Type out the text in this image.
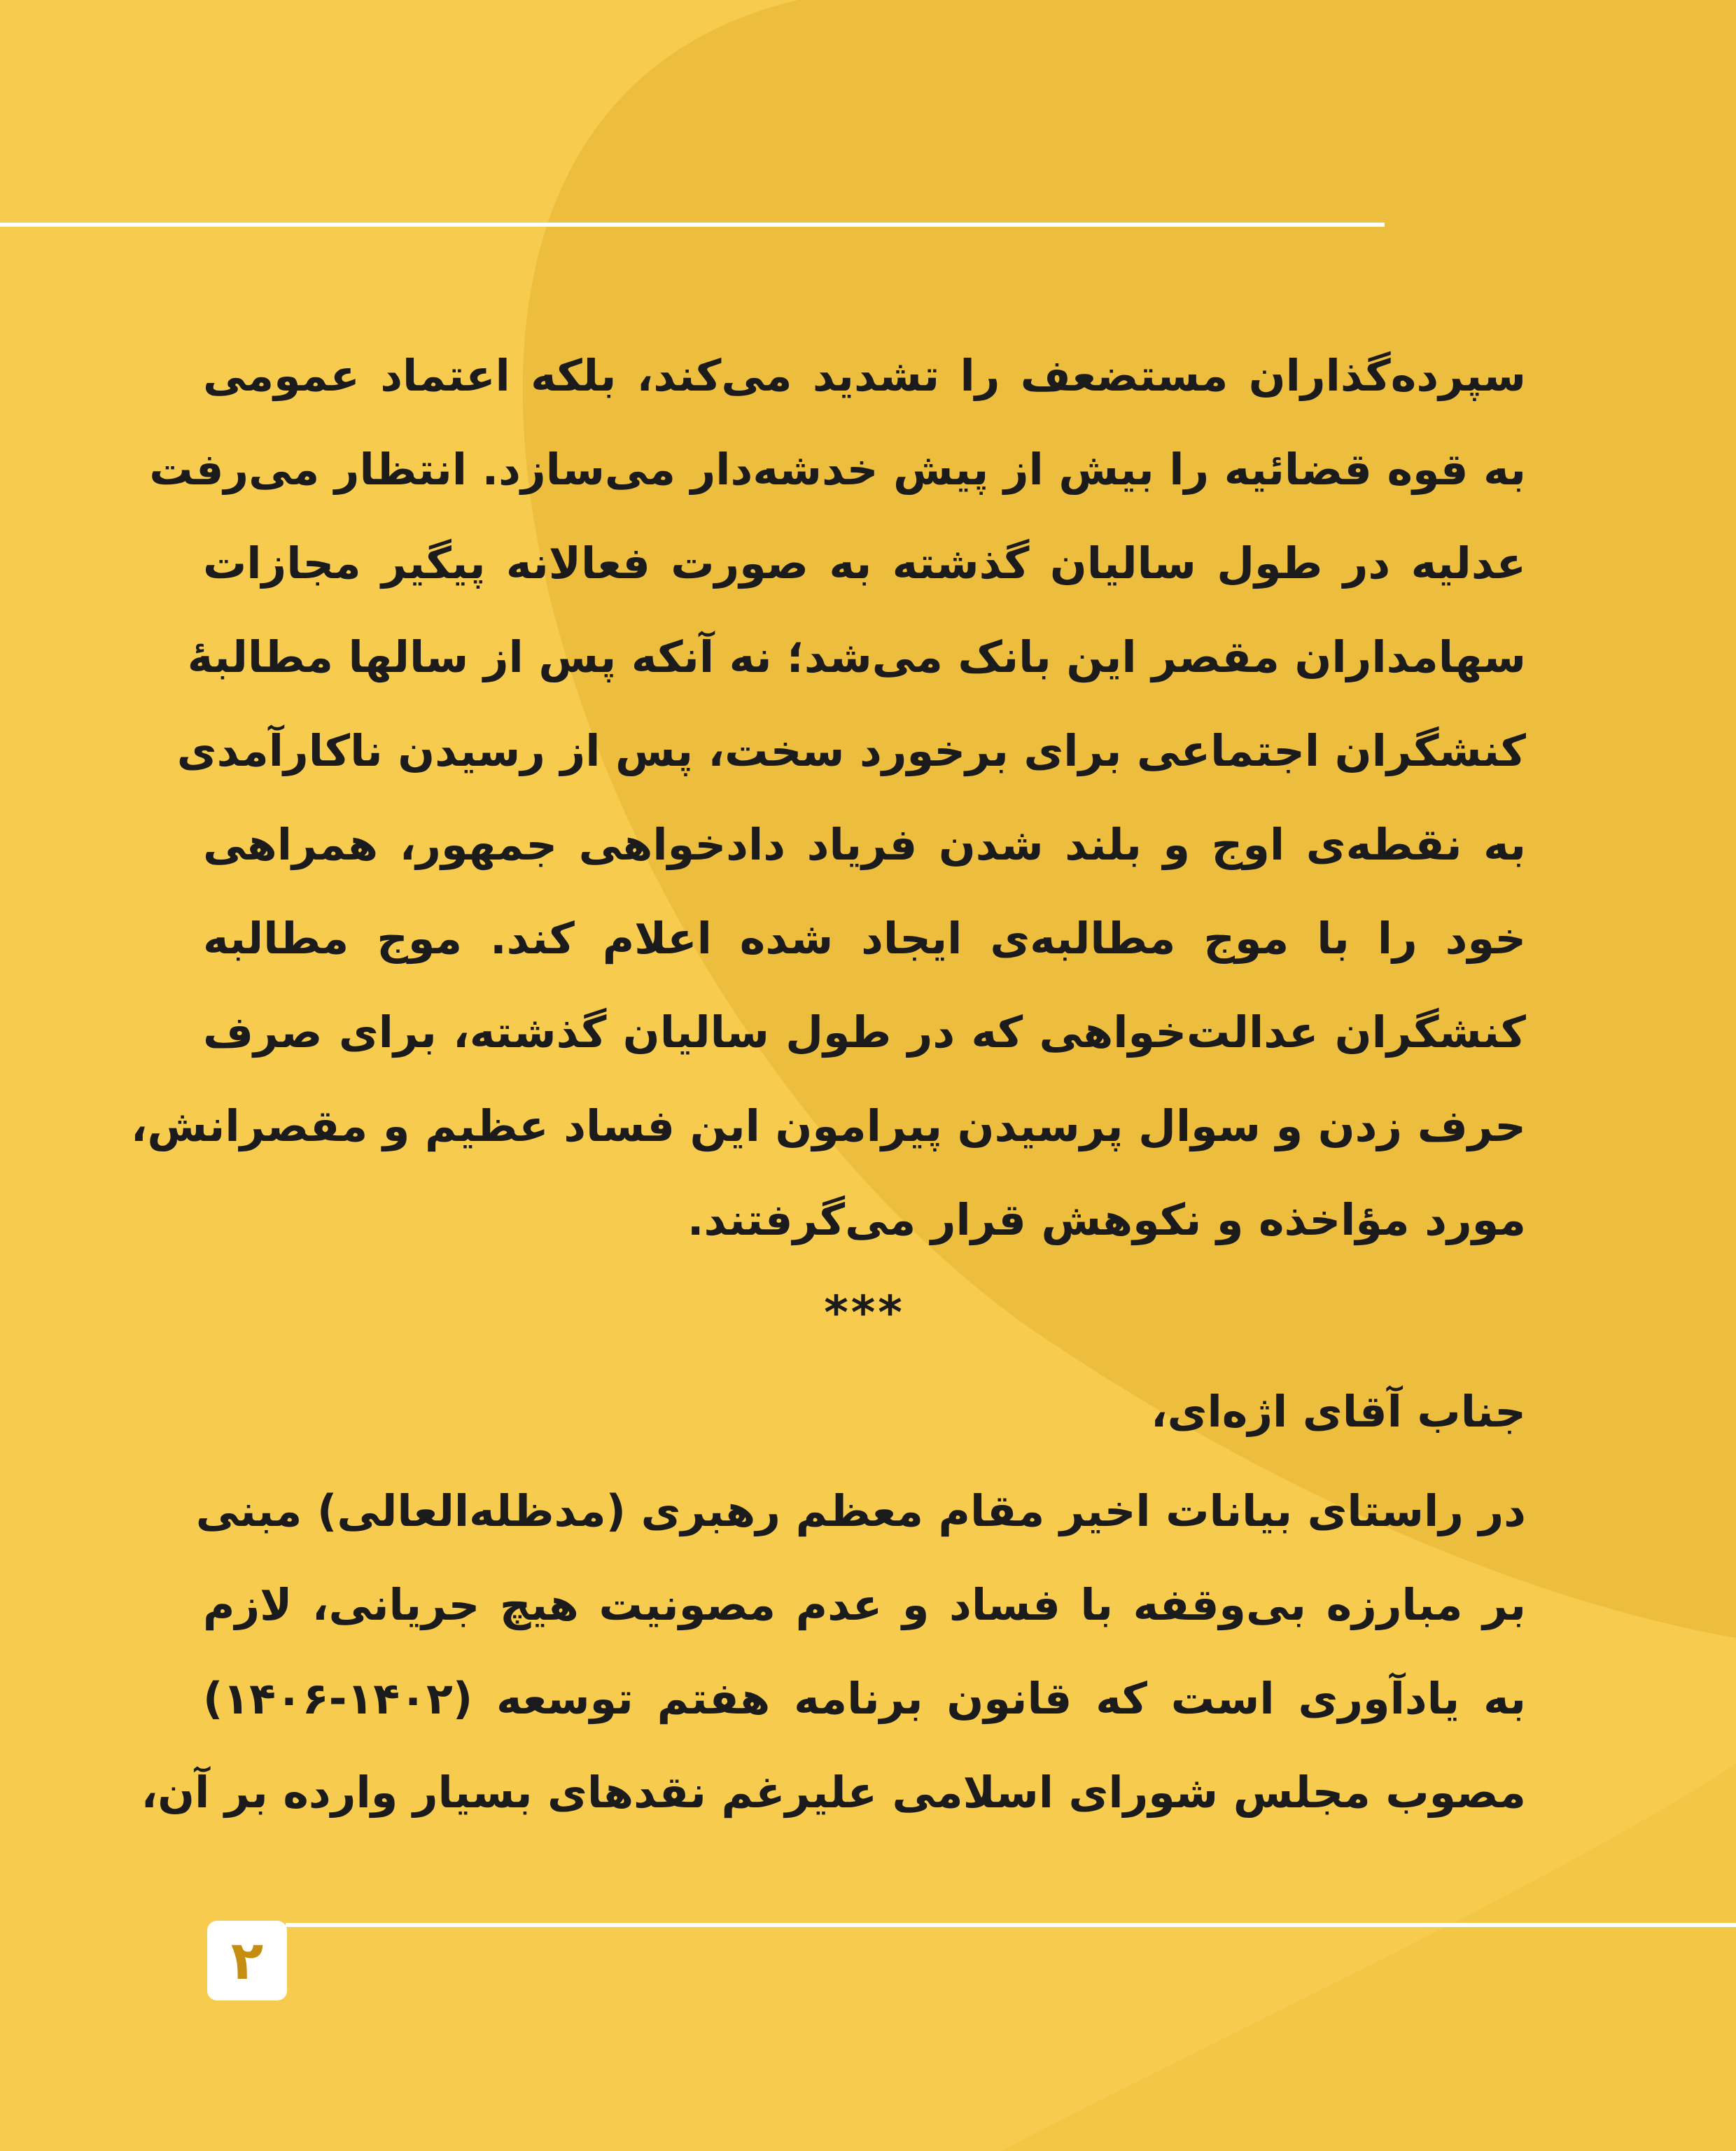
سپرده‌گذاران مستضعف را تشدید می‌کند، بلکه اعتماد عمومی
به قوه قضائیه را بیش از پیش خدشه‌دار می‌سازد. انتظار می‌رفت
عدلیه در طول سالیان گذشته به صورت فعالانه پیگیر مجازات
سهامداران مقصر این بانک می‌شد؛ نه آنکه پس از سالها مطالبهٔ
کنشگران اجتماعی برای برخورد سخت، پس از رسیدن ناکارآمدی
به نقطه‌ی اوج و بلند شدن فریاد دادخواهی جمهور، همراهی
خود را با موج مطالبه‌ی ایجاد شده اعلام کند. موج مطالبه
کنشگران عدالت‌خواهی که در طول سالیان گذشته، برای صرف
حرف زدن و سوال پرسیدن پیرامون این فساد عظیم و مقصرانش،
مورد مؤاخذه و نکوهش قرار می‌گرفتند.
***
جناب آقای اژه‌ای،
در راستای بیانات اخیر مقام معظم رهبری (مدظله‌العالی) مبنی
بر مبارزه بی‌وقفه با فساد و عدم مصونیت هیچ جریانی، لازم
به یادآوری است که قانون برنامه هفتم توسعه (۱۴۰۲-۱۴۰۶)
مصوب مجلس شورای اسلامی علیرغم نقدهای بسیار وارده بر آن،
۲
